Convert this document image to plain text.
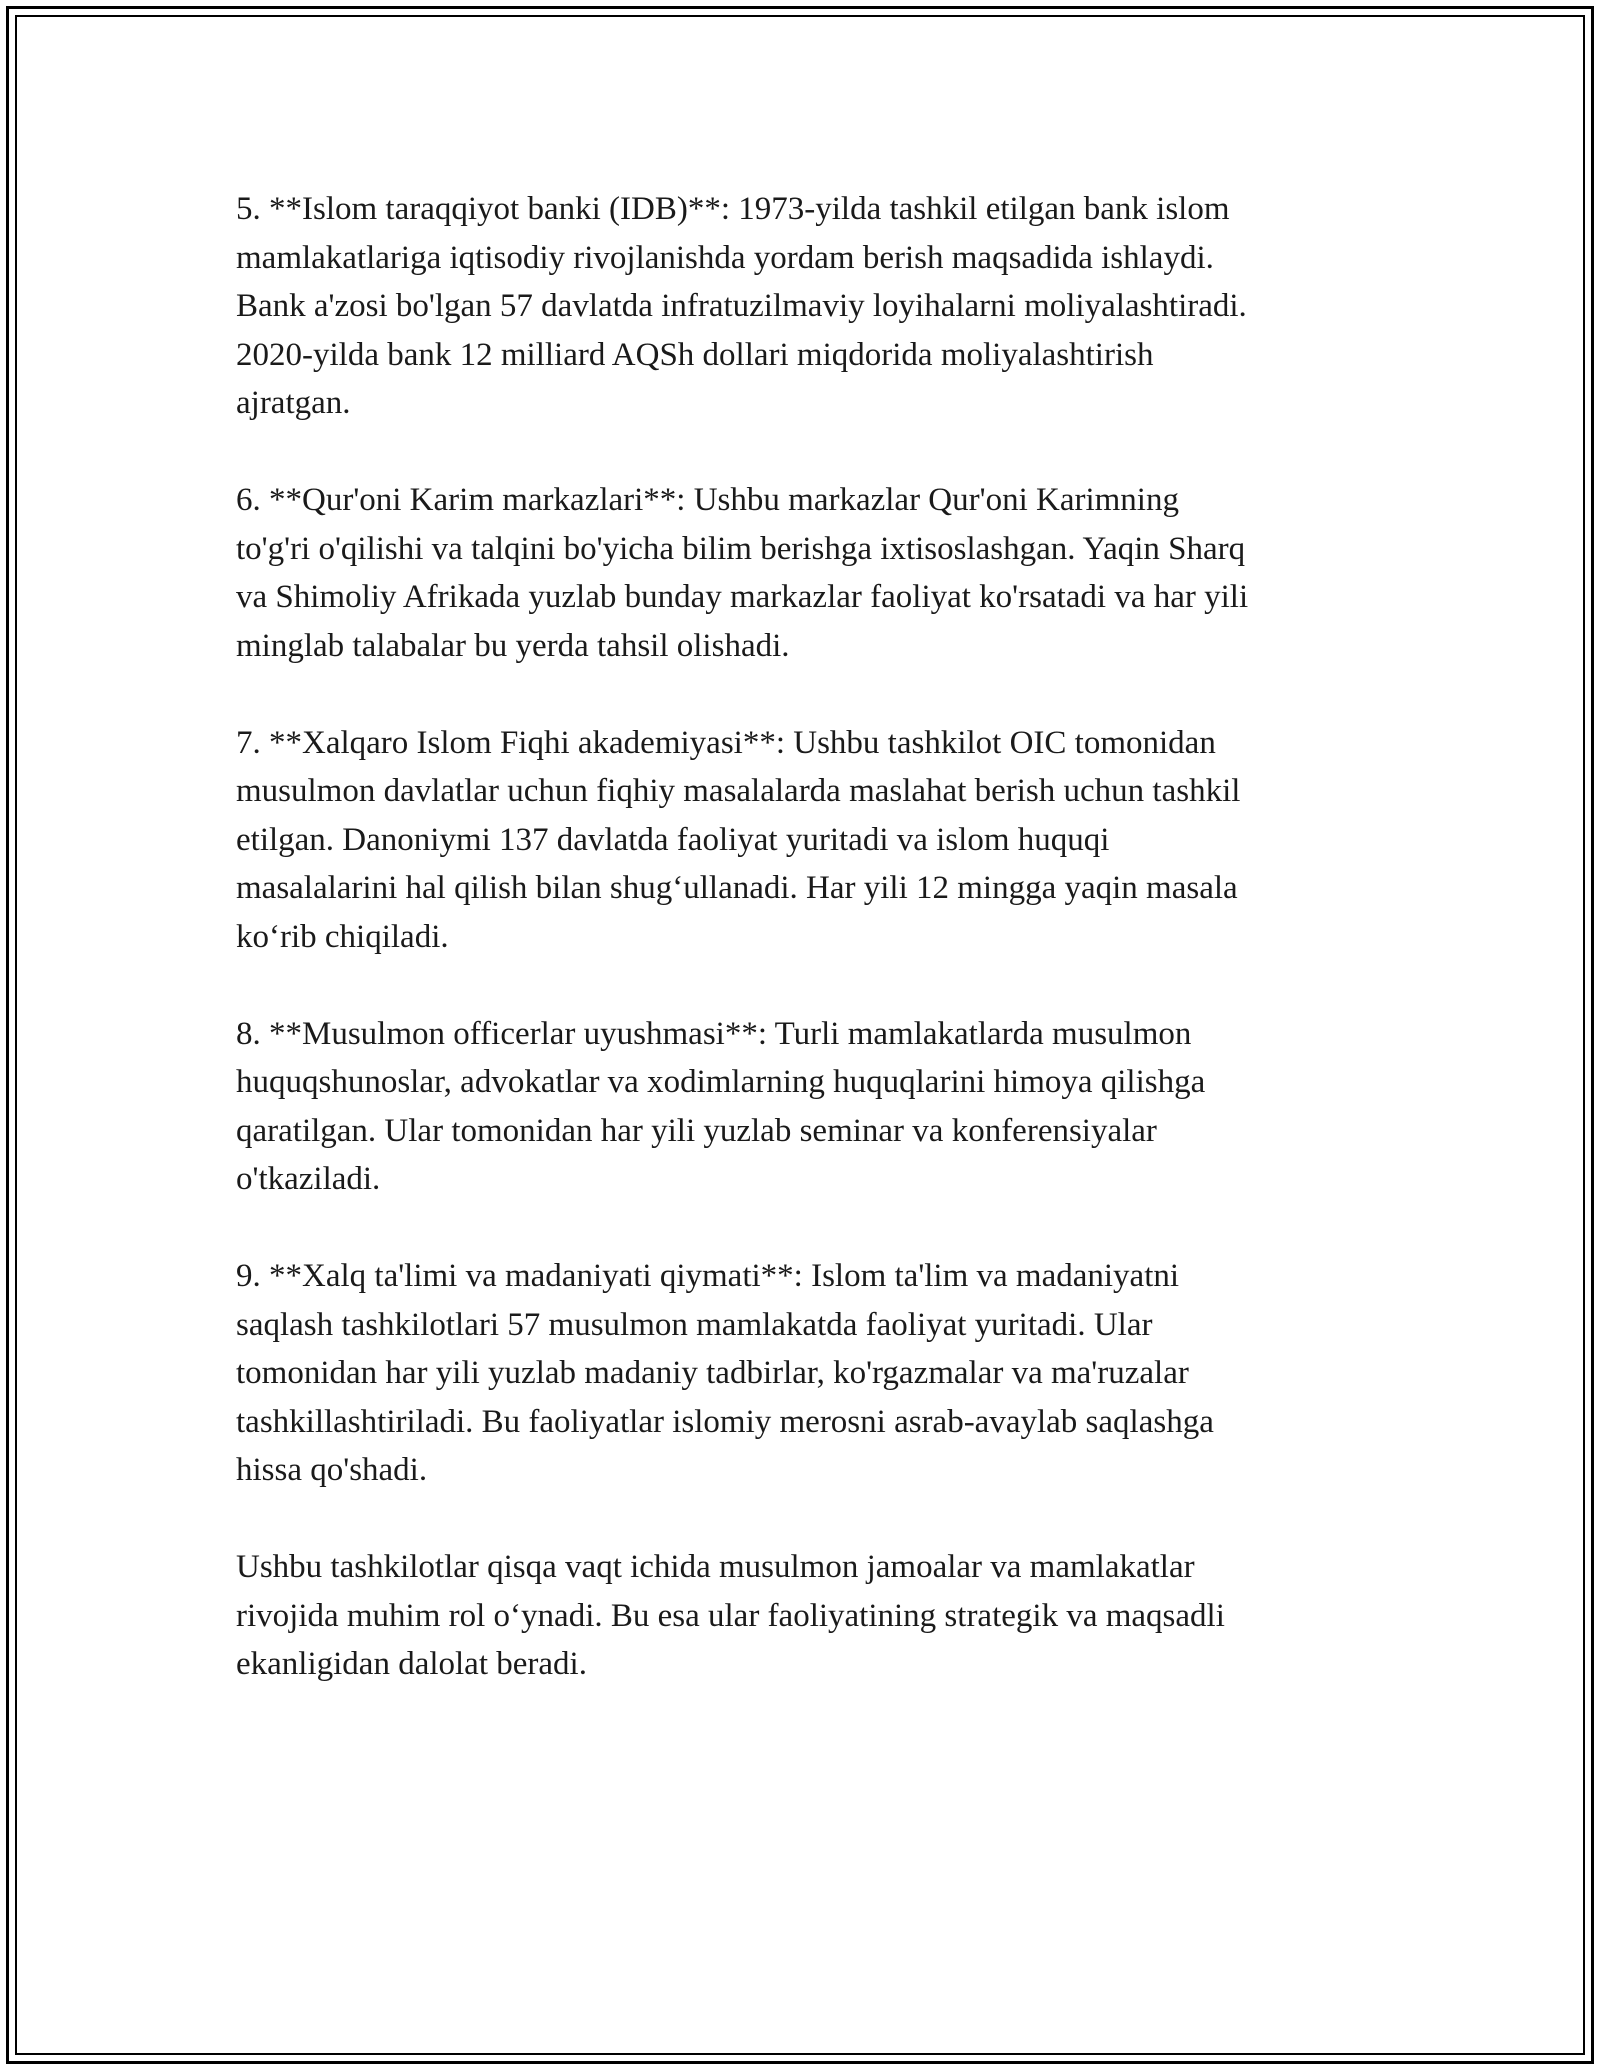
5. **Islom taraqqiyot banki (IDB)**: 1973-yilda tashkil etilgan bank islom
mamlakatlariga iqtisodiy rivojlanishda yordam berish maqsadida ishlaydi.
Bank a'zosi bo'lgan 57 davlatda infratuzilmaviy loyihalarni moliyalashtiradi.
2020-yilda bank 12 milliard AQSh dollari miqdorida moliyalashtirish
ajratgan.

6. **Qur'oni Karim markazlari**: Ushbu markazlar Qur'oni Karimning
to'g'ri o'qilishi va talqini bo'yicha bilim berishga ixtisoslashgan. Yaqin Sharq
va Shimoliy Afrikada yuzlab bunday markazlar faoliyat ko'rsatadi va har yili
minglab talabalar bu yerda tahsil olishadi.

7. **Xalqaro Islom Fiqhi akademiyasi**: Ushbu tashkilot OIC tomonidan
musulmon davlatlar uchun fiqhiy masalalarda maslahat berish uchun tashkil
etilgan. Danoniymi 137 davlatda faoliyat yuritadi va islom huquqi
masalalarini hal qilish bilan shug‘ullanadi. Har yili 12 mingga yaqin masala
ko‘rib chiqiladi.

8. **Musulmon officerlar uyushmasi**: Turli mamlakatlarda musulmon
huquqshunoslar, advokatlar va xodimlarning huquqlarini himoya qilishga
qaratilgan. Ular tomonidan har yili yuzlab seminar va konferensiyalar
o'tkaziladi.

9. **Xalq ta'limi va madaniyati qiymati**: Islom ta'lim va madaniyatni
saqlash tashkilotlari 57 musulmon mamlakatda faoliyat yuritadi. Ular
tomonidan har yili yuzlab madaniy tadbirlar, ko'rgazmalar va ma'ruzalar
tashkillashtiriladi. Bu faoliyatlar islomiy merosni asrab-avaylab saqlashga
hissa qo'shadi.

Ushbu tashkilotlar qisqa vaqt ichida musulmon jamoalar va mamlakatlar
rivojida muhim rol o‘ynadi. Bu esa ular faoliyatining strategik va maqsadli
ekanligidan dalolat beradi.
